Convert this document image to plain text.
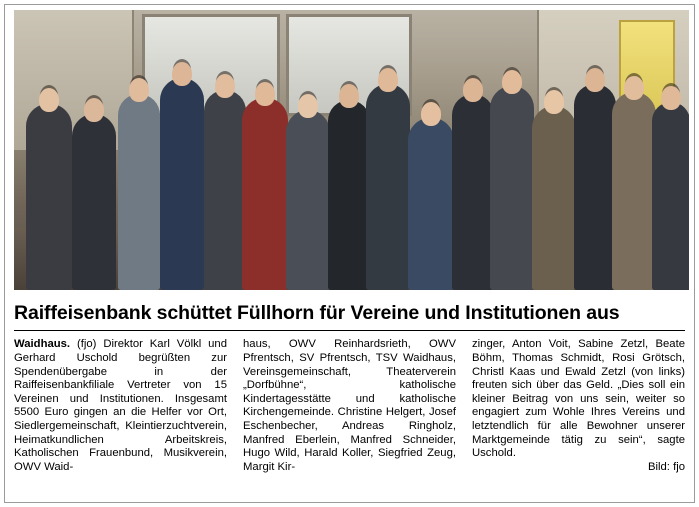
Raiffeisenbank schüttet Füllhorn für Vereine und Institutionen aus

Waidhaus. (fjo) Direktor Karl Völkl und Gerhard Uschold begrüßten zur Spendenübergabe in der Raiffeisenbankfiliale Vertreter von 15 Vereinen und Institutionen. Insgesamt 5500 Euro gingen an die Helfer vor Ort, Siedlergemeinschaft, Kleintierzuchtverein, Heimatkundlichen Arbeitskreis, Katholischen Frauenbund, Musikverein, OWV Waid-

haus, OWV Reinhardsrieth, OWV Pfrentsch, SV Pfrentsch, TSV Waidhaus, Vereinsgemeinschaft, Theaterverein „Dorfbühne“, katholische Kindertagesstätte und katholische Kirchengemeinde. Christine Helgert, Josef Eschenbecher, Andreas Ringholz, Manfred Eberlein, Manfred Schneider, Hugo Wild, Harald Koller, Siegfried Zeug, Margit Kir-

zinger, Anton Voit, Sabine Zetzl, Beate Böhm, Thomas Schmidt, Rosi Grötsch, Christl Kaas und Ewald Zetzl (von links) freuten sich über das Geld. „Dies soll ein kleiner Beitrag von uns sein, weiter so engagiert zum Wohle Ihres Vereins und letztendlich für alle Bewohner unserer Marktgemeinde tätig zu sein“, sagte Uschold.

Bild: fjo
